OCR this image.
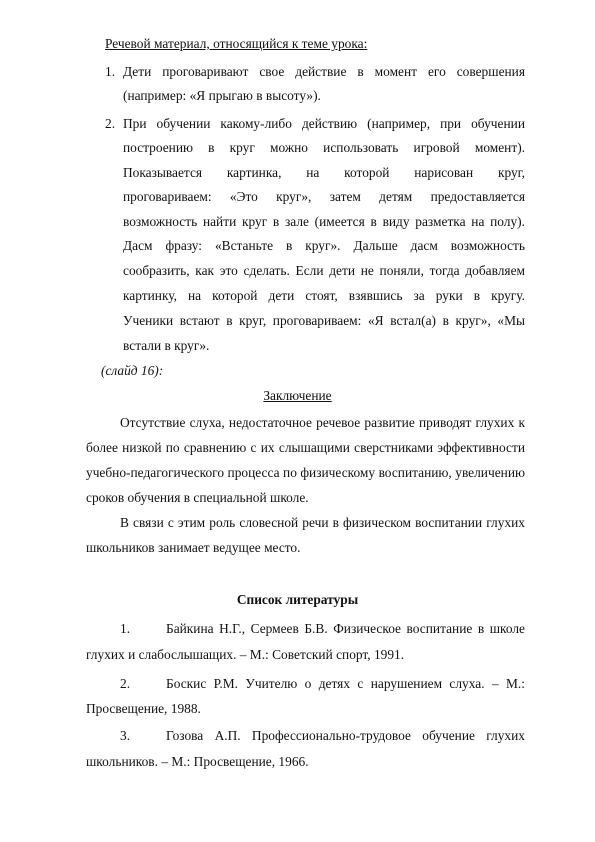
Речевой материал, относящийся к теме урока:
1. Дети проговаривают свое действие в момент его совершения
(например: «Я прыгаю в высоту»).
2. При обучении какому-либо действию (например, при обучении
построению в круг можно использовать игровой момент).
Показывается картинка, на которой нарисован круг,
проговариваем: «Это круг», затем детям предоставляется
возможность найти круг в зале (имеется в виду разметка на полу).
Дасм фразу: «Встаньте в круг». Дальше дасм возможность
сообразить, как это сделать. Если дети не поняли, тогда добавляем
картинку, на которой дети стоят, взявшись за руки в кругу.
Ученики встают в круг, проговариваем: «Я встал(а) в круг», «Мы
встали в круг».
(слайд 16):
Заключение
Отсутствие слуха, недостаточное речевое развитие приводят глухих к
более низкой по сравнению с их слышащими сверстниками эффективности
учебно-педагогического процесса по физическому воспитанию, увеличению
сроков обучения в специальной школе.
В связи с этим роль словесной речи в физическом воспитании глухих
школьников занимает ведущее место.
Список литературы
1.	Байкина Н.Г., Сермеев Б.В. Физическое воспитание в школе
глухих и слабослышащих. – М.: Советский спорт, 1991.
2.	Боскис Р.М. Учителю о детях с нарушением слуха. – М.:
Просвещение, 1988.
3.	Гозова А.П. Профессионально-трудовое обучение глухих
школьников. – М.: Просвещение, 1966.
